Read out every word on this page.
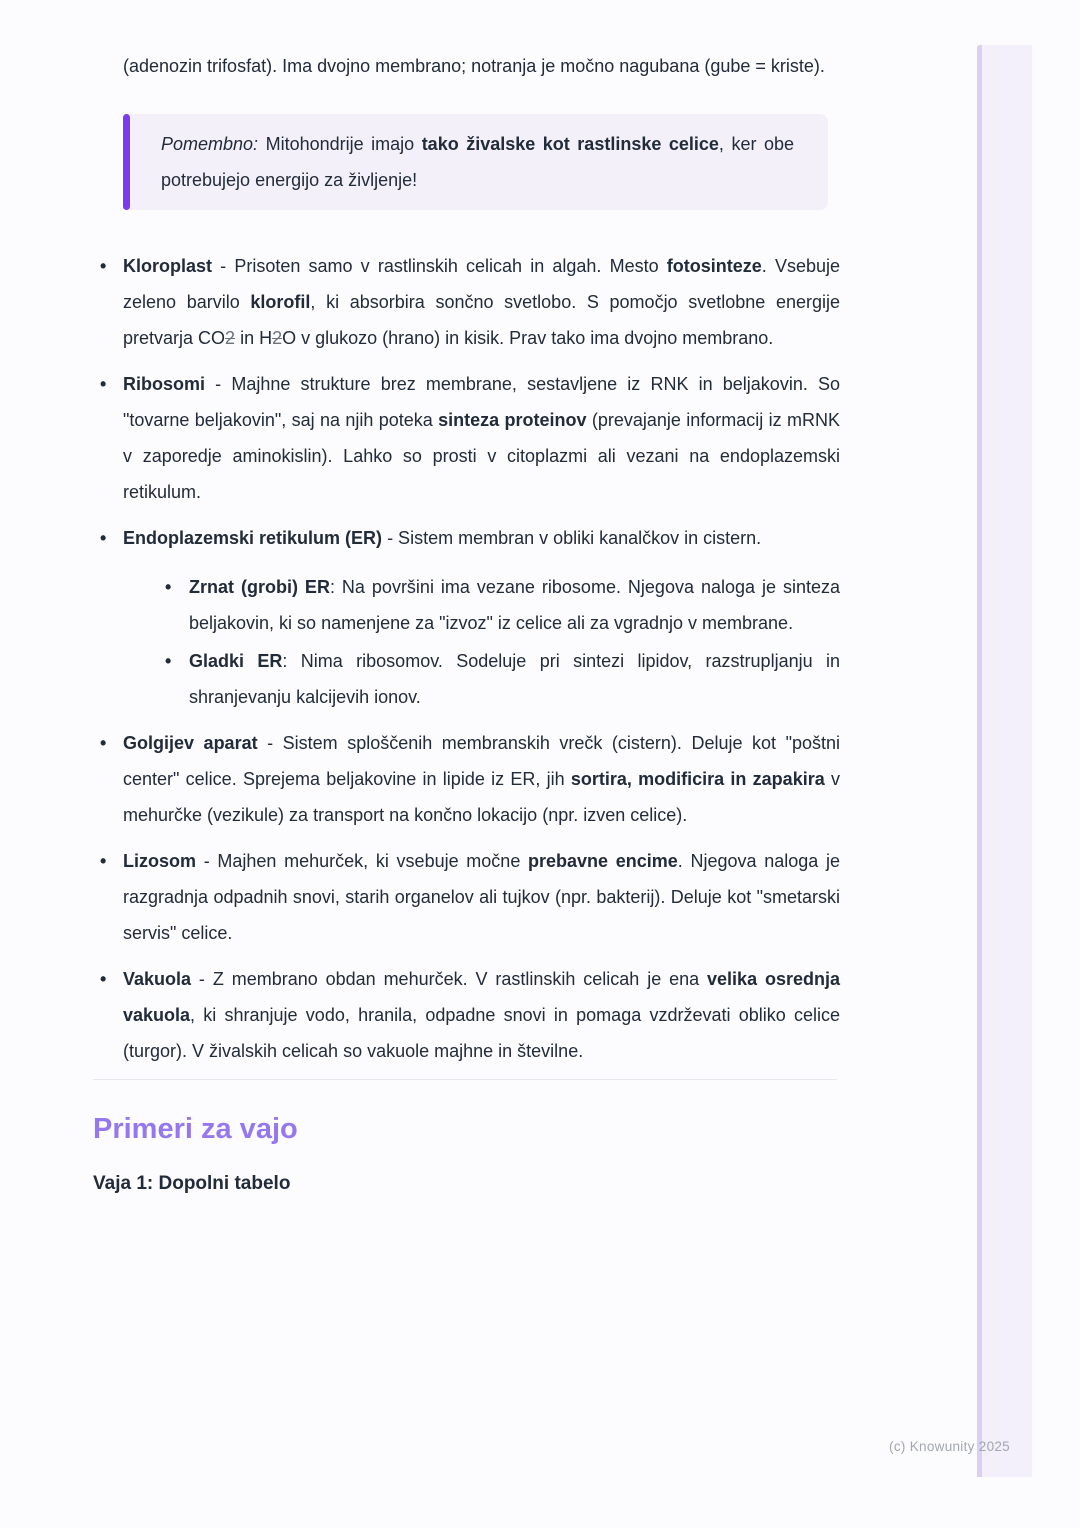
(adenozin trifosfat). Ima dvojno membrano; notranja je močno nagubana (gube = kriste).

Pomembno: Mitohondrije imajo tako živalske kot rastlinske celice, ker obe potrebujejo energijo za življenje!

• Kloroplast - Prisoten samo v rastlinskih celicah in algah. Mesto fotosinteze. Vsebuje zeleno barvilo klorofil, ki absorbira sončno svetlobo. S pomočjo svetlobne energije pretvarja CO2 in H2O v glukozo (hrano) in kisik. Prav tako ima dvojno membrano.
• Ribosomi - Majhne strukture brez membrane, sestavljene iz RNK in beljakovin. So "tovarne beljakovin", saj na njih poteka sinteza proteinov (prevajanje informacij iz mRNK v zaporedje aminokislin). Lahko so prosti v citoplazmi ali vezani na endoplazemski retikulum.
• Endoplazemski retikulum (ER) - Sistem membran v obliki kanalčkov in cistern.
• Zrnat (grobi) ER: Na površini ima vezane ribosome. Njegova naloga je sinteza beljakovin, ki so namenjene za "izvoz" iz celice ali za vgradnjo v membrane.
• Gladki ER: Nima ribosomov. Sodeluje pri sintezi lipidov, razstrupljanju in shranjevanju kalcijevih ionov.
• Golgijev aparat - Sistem sploščenih membranskih vrečk (cistern). Deluje kot "poštni center" celice. Sprejema beljakovine in lipide iz ER, jih sortira, modificira in zapakira v mehurčke (vezikule) za transport na končno lokacijo (npr. izven celice).
• Lizosom - Majhen mehurček, ki vsebuje močne prebavne encime. Njegova naloga je razgradnja odpadnih snovi, starih organelov ali tujkov (npr. bakterij). Deluje kot "smetarski servis" celice.
• Vakuola - Z membrano obdan mehurček. V rastlinskih celicah je ena velika osrednja vakuola, ki shranjuje vodo, hranila, odpadne snovi in pomaga vzdrževati obliko celice (turgor). V živalskih celicah so vakuole majhne in številne.
Primeri za vajo

Vaja 1: Dopolni tabelo

(c) Knowunity 2025
